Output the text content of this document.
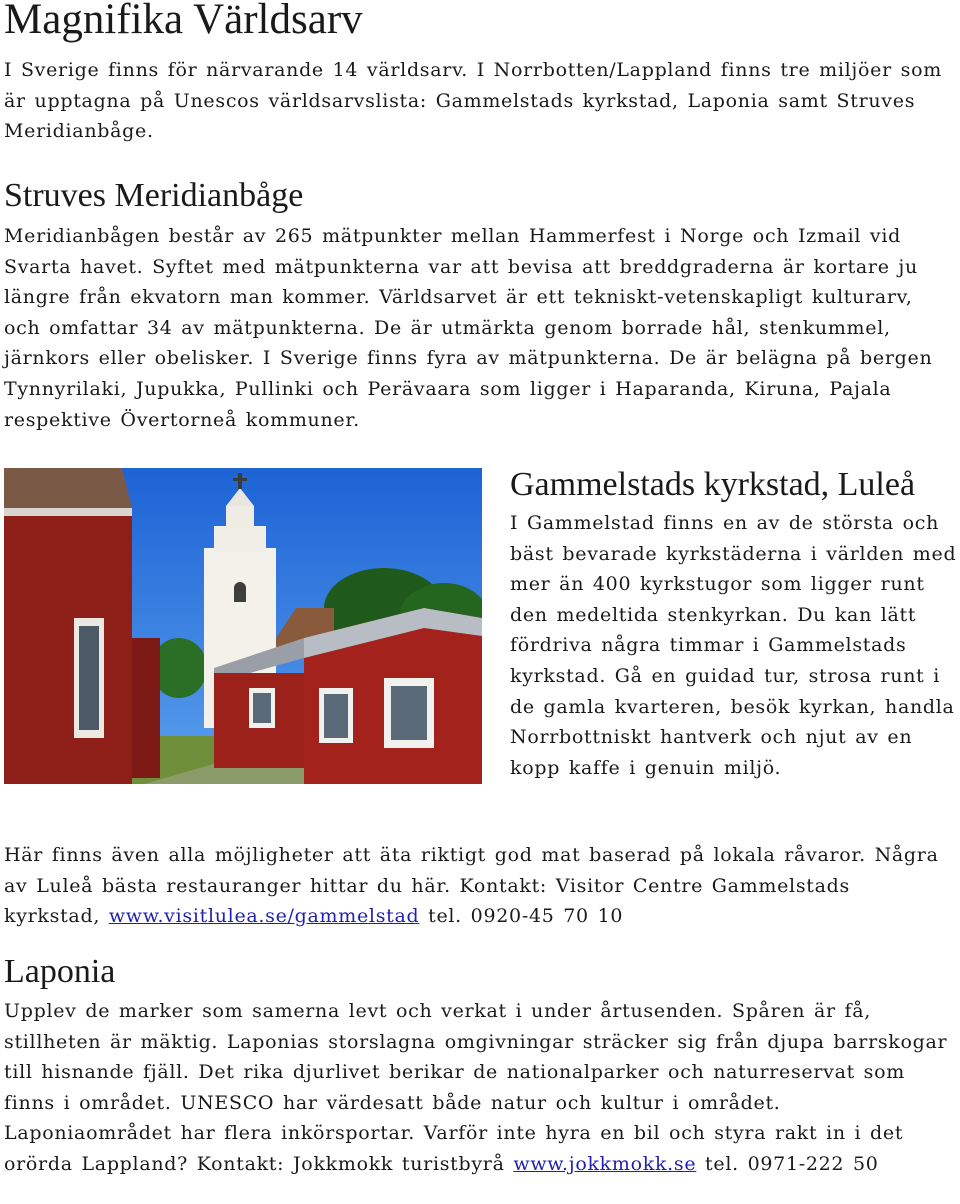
Magnifika Världsarv

I Sverige finns för närvarande 14 världsarv. I Norrbotten/Lappland finns tre miljöer som är upptagna på Unescos världsarvslista: Gammelstads kyrkstad, Laponia samt Struves Meridianbåge.

Struves Meridianbåge

Meridianbågen består av 265 mätpunkter mellan Hammerfest i Norge och Izmail vid Svarta havet. Syftet med mätpunkterna var att bevisa att breddgraderna är kortare ju längre från ekvatorn man kommer. Världsarvet är ett tekniskt-vetenskapligt kulturarv, och omfattar 34 av mätpunkterna. De är utmärkta genom borrade hål, stenkummel, järnkors eller obelisker. I Sverige finns fyra av mätpunkterna. De är belägna på bergen Tynnyrilaki, Jupukka, Pullinki och Perävaara som ligger i Haparanda, Kiruna, Pajala respektive Övertorneå kommuner.

Gammelstads kyrkstad, Luleå

I Gammelstad finns en av de största och bäst bevarade kyrkstäderna i världen med mer än 400 kyrkstugor som ligger runt den medeltida stenkyrkan. Du kan lätt fördriva några timmar i Gammelstads kyrkstad. Gå en guidad tur, strosa runt i de gamla kvarteren, besök kyrkan, handla Norrbottniskt hantverk och njut av en kopp kaffe i genuin miljö.

Här finns även alla möjligheter att äta riktigt god mat baserad på lokala råvaror. Några av Luleå bästa restauranger hittar du här. Kontakt: Visitor Centre Gammelstads kyrkstad, www.visitlulea.se/gammelstad tel. 0920-45 70 10

Laponia

Upplev de marker som samerna levt och verkat i under årtusenden. Spåren är få, stillheten är mäktig. Laponias storslagna omgivningar sträcker sig från djupa barrskogar till hisnande fjäll. Det rika djurlivet berikar de nationalparker och naturreservat som finns i området. UNESCO har värdesatt både natur och kultur i området. Laponiaområdet har flera inkörsportar. Varför inte hyra en bil och styra rakt in i det orörda Lappland? Kontakt: Jokkmokk turistbyrå www.jokkmokk.se tel. 0971-222 50
